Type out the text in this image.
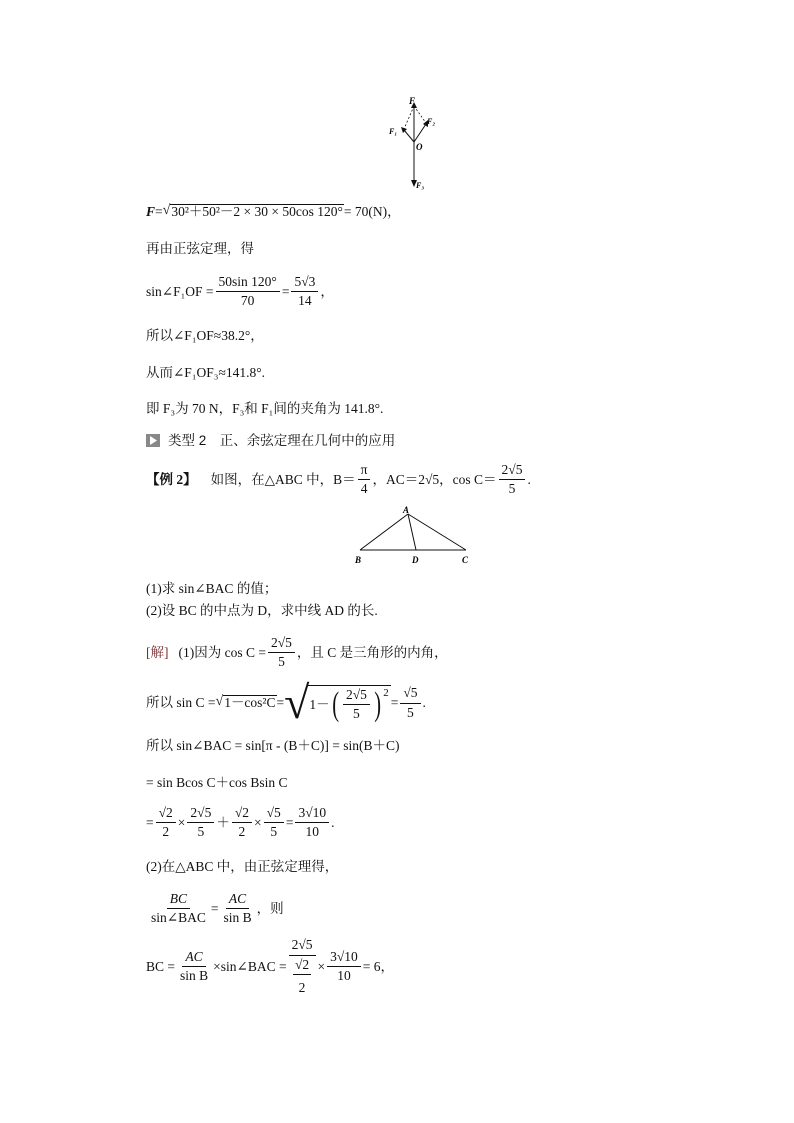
F
F₂
F₁
O
F₃
F = √ 30²＋50²－2 × 30 × 50cos 120° = 70(N)，
再由正弦定理，得
sin∠F₁OF = $\frac{50\sin 120^\circ}{70} = \frac{5√3}{14}$ ，
所以∠F₁OF≈38.2°，
从而∠F₁OF₃≈141.8°.
即 F₃为 70 N，F₃和 F₁间的夹角为 141.8°.
类型 2　正、余弦定理在几何中的应用
【例 2】 如图，在△ABC 中，$B= \frac{\pi}{4}$ ，AC＝2√5，$\cos C= \frac{2√5}{5}$ .
A
B	D	C
(1)求 sin∠BAC 的值；
(2)设 BC 的中点为 D，求中线 AD 的长.
[解] (1)因为 $\cos C = \frac{2√5}{5}$ ，且 C 是三角形的内角，
所以 sin C = √ 1－cos²C = √ 1－ ( $\frac{2√5}{5}$ ) 2
= $\frac{√5}{5}$ .
所以 sin∠BAC = sin[π - (B＋C)] = sin(B＋C)
= sin Bcos C＋cos Bsin C
= $\frac{√2}{2} \times \frac{2√5}{5} + \frac{√2}{2} \times \frac{√5}{5} = \frac{3√10}{10}$ .
(2)在△ABC 中，由正弦定理得，
$\frac{BC}{\text{sin∠BAC}} = \frac{AC}{\text{sin B}}$ ，则
BC = $\frac{AC}{\text{sin B}}$ ×sin∠BAC = 2√5
√2
$2 \times \frac{3√10}{10} = 6$，
